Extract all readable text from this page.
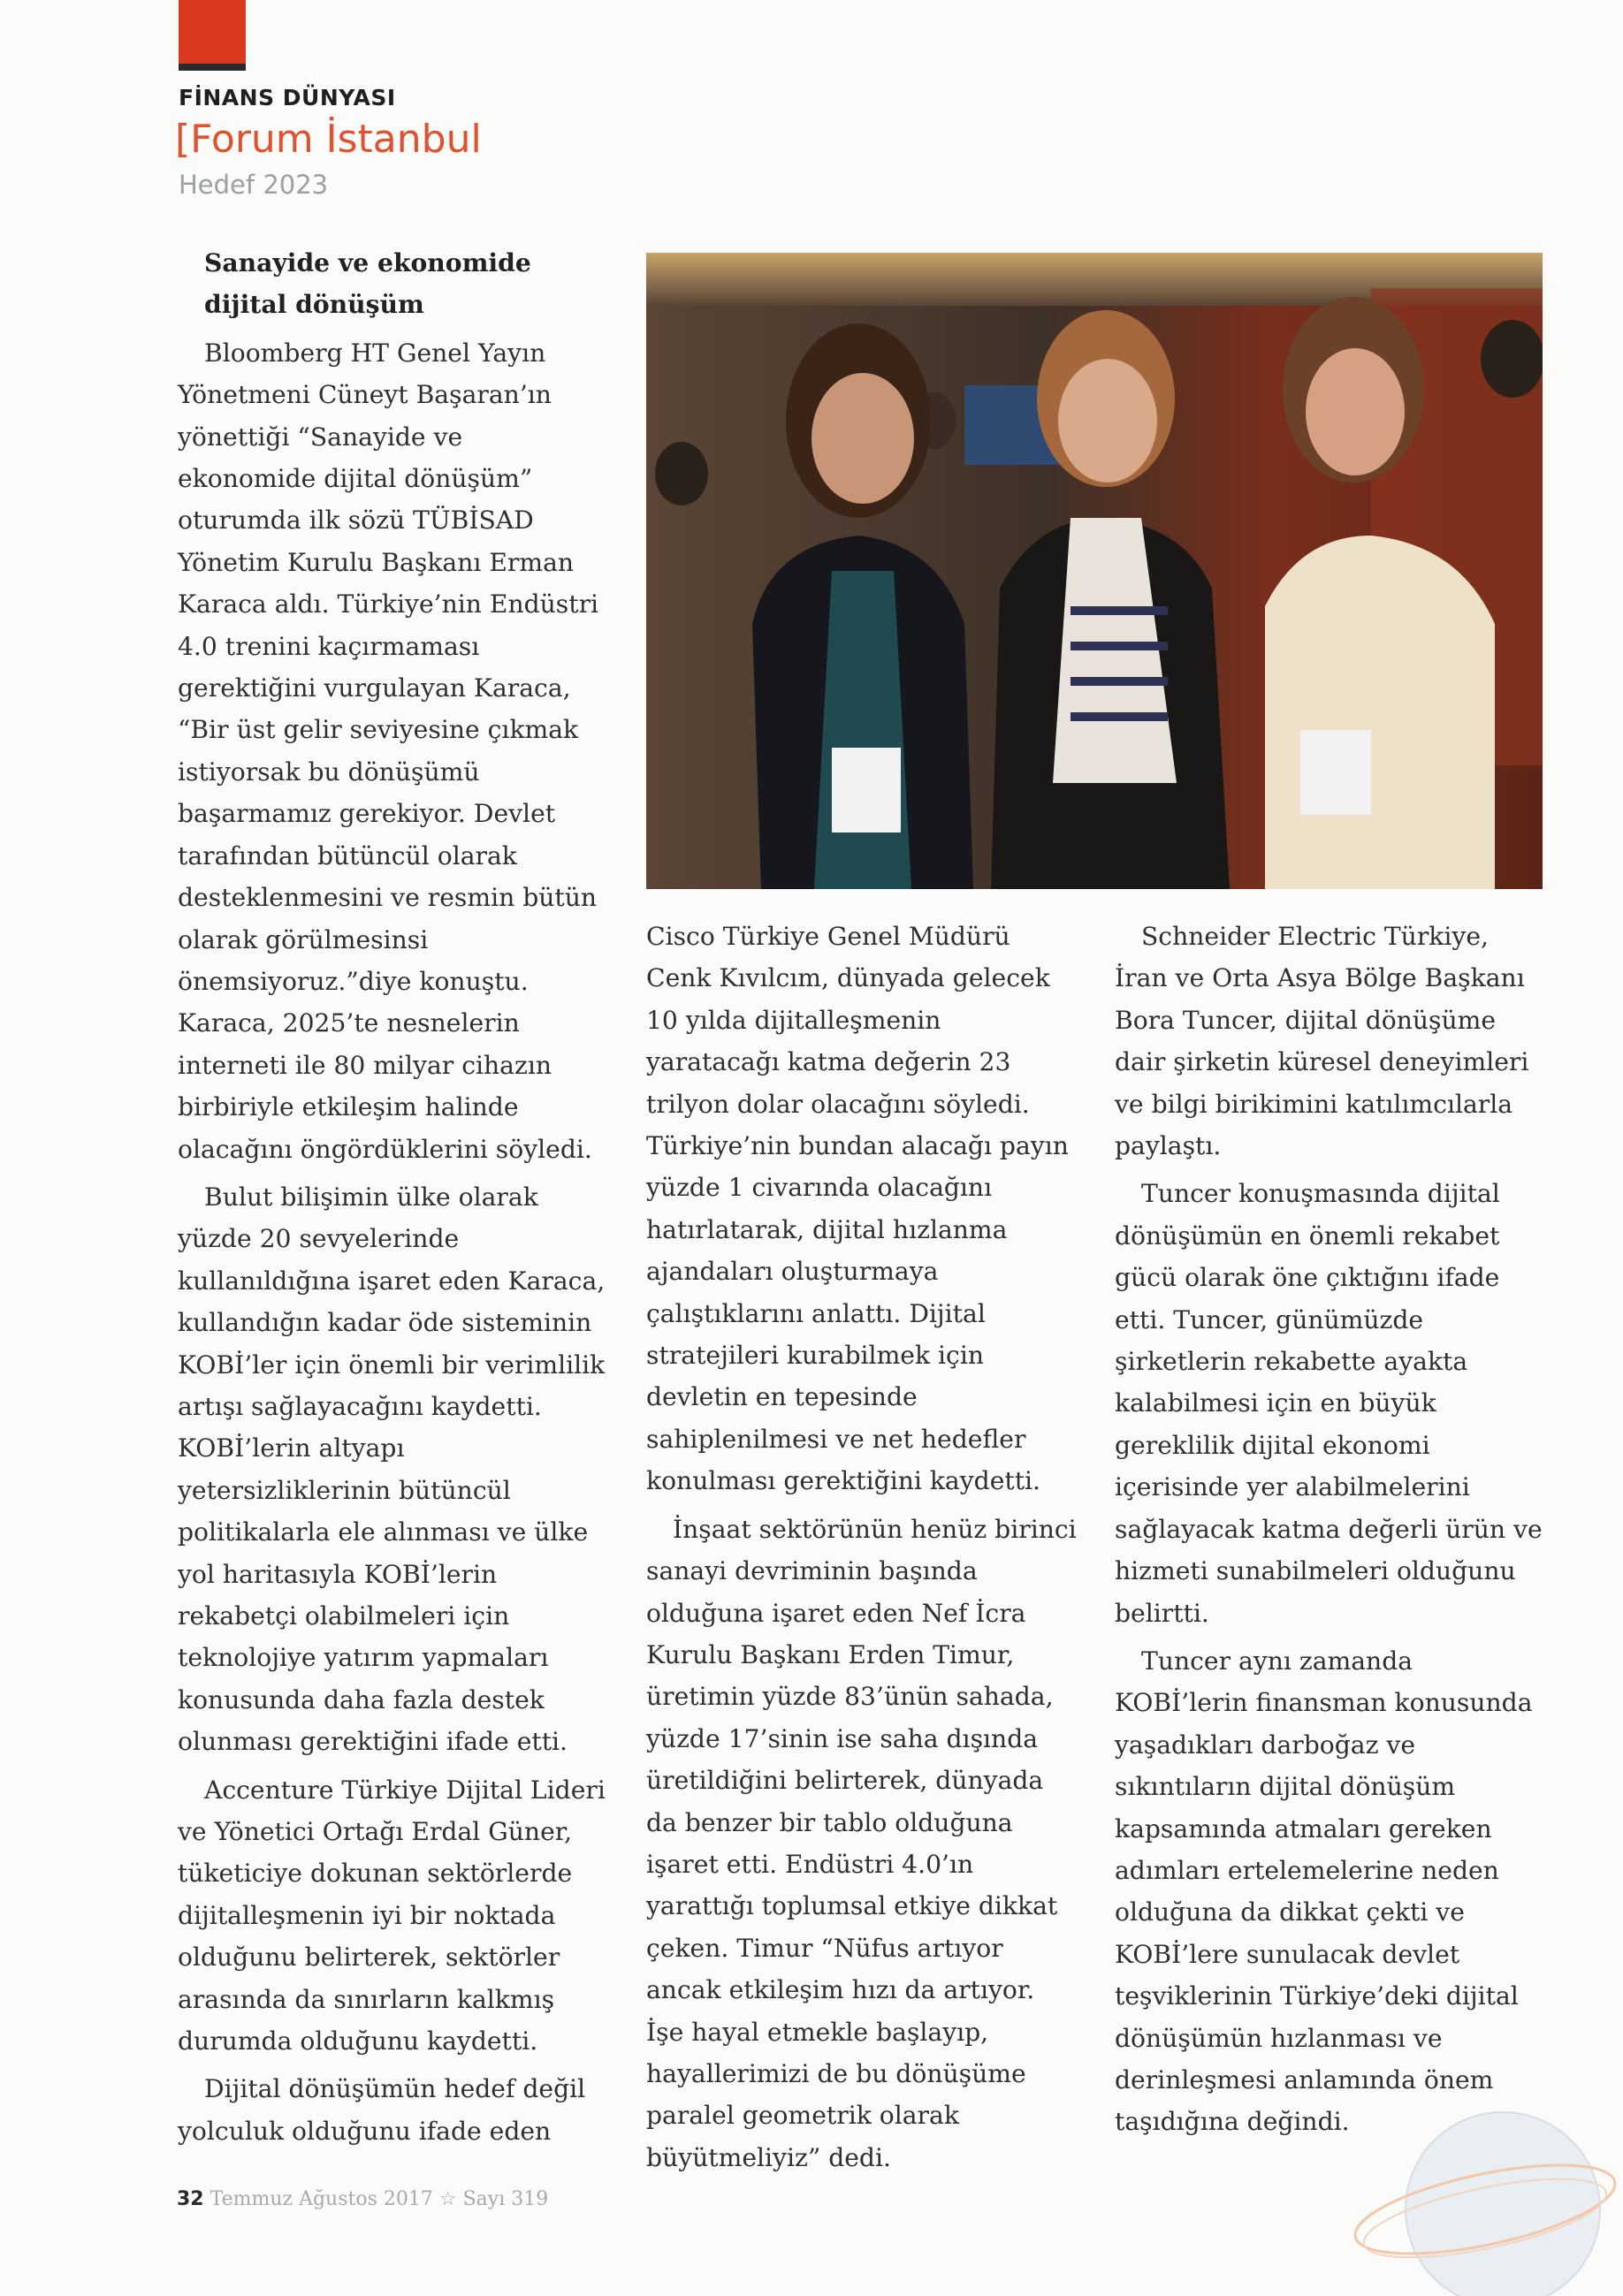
FİNANS DÜNYASI
[Forum İstanbul
Hedef 2023

Sanayide ve ekonomide
dijital dönüşüm

Bloomberg HT Genel Yayın Yönetmeni Cüneyt Başaran’ın yönettiği “Sanayide ve ekonomide dijital dönüşüm” oturumda ilk sözü TÜBİSAD Yönetim Kurulu Başkanı Erman Karaca aldı. Türkiye’nin Endüstri 4.0 trenini kaçırmaması gerektiğini vurgulayan Karaca, “Bir üst gelir seviyesine çıkmak istiyorsak bu dönüşümü başarmamız gerekiyor. Devlet tarafından bütüncül olarak desteklenmesini ve resmin bütün olarak görülmesinsi önemsiyoruz.”diye konuştu. Karaca, 2025’te nesnelerin interneti ile 80 milyar cihazın birbiriyle etkileşim halinde olacağını öngördüklerini söyledi.

Bulut bilişimin ülke olarak yüzde 20 sevyelerinde kullanıldığına işaret eden Karaca, kullandığın kadar öde sisteminin KOBİ’ler için önemli bir verimlilik artışı sağlayacağını kaydetti. KOBİ’lerin altyapı yetersizliklerinin bütüncül politikalarla ele alınması ve ülke yol haritasıyla KOBİ’lerin rekabetçi olabilmeleri için teknolojiye yatırım yapmaları konusunda daha fazla destek olunması gerektiğini ifade etti.

Accenture Türkiye Dijital Lideri ve Yönetici Ortağı Erdal Güner, tüketiciye dokunan sektörlerde dijitalleşmenin iyi bir noktada olduğunu belirterek, sektörler arasında da sınırların kalkmış durumda olduğunu kaydetti.

Dijital dönüşümün hedef değil yolculuk olduğunu ifade eden

Cisco Türkiye Genel Müdürü Cenk Kıvılcım, dünyada gelecek 10 yılda dijitalleşmenin yaratacağı katma değerin 23 trilyon dolar olacağını söyledi. Türkiye’nin bundan alacağı payın yüzde 1 civarında olacağını hatırlatarak, dijital hızlanma ajandaları oluşturmaya çalıştıklarını anlattı. Dijital stratejileri kurabilmek için devletin en tepesinde sahiplenilmesi ve net hedefler konulması gerektiğini kaydetti.

İnşaat sektörünün henüz birinci sanayi devriminin başında olduğuna işaret eden Nef İcra Kurulu Başkanı Erden Timur, üretimin yüzde 83’ünün sahada, yüzde 17’sinin ise saha dışında üretildiğini belirterek, dünyada da benzer bir tablo olduğuna işaret etti. Endüstri 4.0’ın yarattığı toplumsal etkiye dikkat çeken. Timur “Nüfus artıyor ancak etkileşim hızı da artıyor. İşe hayal etmekle başlayıp, hayallerimizi de bu dönüşüme paralel geometrik olarak büyütmeliyiz” dedi.

Schneider Electric Türkiye, İran ve Orta Asya Bölge Başkanı Bora Tuncer, dijital dönüşüme dair şirketin küresel deneyimleri ve bilgi birikimini katılımcılarla paylaştı.

Tuncer konuşmasında dijital dönüşümün en önemli rekabet gücü olarak öne çıktığını ifade etti. Tuncer, günümüzde şirketlerin rekabette ayakta kalabilmesi için en büyük gereklilik dijital ekonomi içerisinde yer alabilmelerini sağlayacak katma değerli ürün ve hizmeti sunabilmeleri olduğunu belirtti.

Tuncer aynı zamanda KOBİ’lerin finansman konusunda yaşadıkları darboğaz ve sıkıntıların dijital dönüşüm kapsamında atmaları gereken adımları ertelemelerine neden olduğuna da dikkat çekti ve KOBİ’lere sunulacak devlet teşviklerinin Türkiye’deki dijital dönüşümün hızlanması ve derinleşmesi anlamında önem taşıdığına değindi.

32 Temmuz Ağustos 2017 ☆ Sayı 319
